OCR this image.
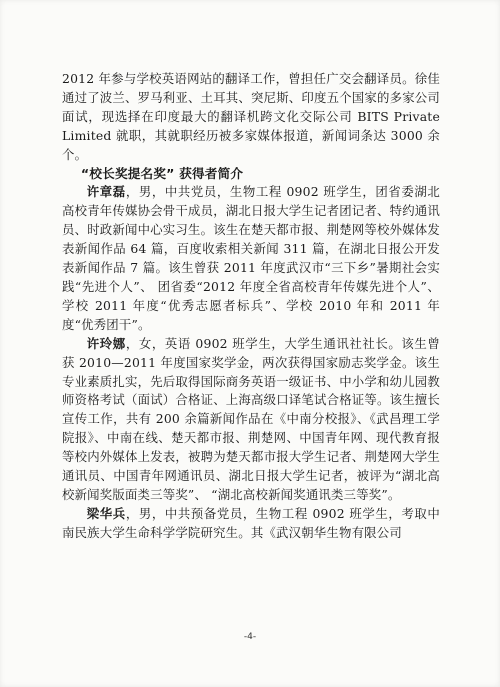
2012 年参与学校英语网站的翻译工作，曾担任广交会翻译员。徐佳通过了波兰、罗马利亚、土耳其、突尼斯、印度五个国家的多家公司面试，现选择在印度最大的翻译机跨文化交际公司 BITS Private Limited 就职，其就职经历被多家媒体报道，新闻词条达 3000 余个。

“校长奖提名奖” 获得者简介

许章磊，男，中共党员，生物工程 0902 班学生，团省委湖北高校青年传媒协会骨干成员，湖北日报大学生记者团记者、特约通讯员、时政新闻中心实习生。该生在楚天都市报、荆楚网等校外媒体发表新闻作品 64 篇，百度收索相关新闻 311 篇，在湖北日报公开发表新闻作品 7 篇。该生曾获 2011 年度武汉市“三下乡”暑期社会实践“先进个人”、 团省委“2012 年度全省高校青年传媒先进个人”、学校 2011 年度“优秀志愿者标兵”、学校 2010 年和 2011 年度“优秀团干”。

许玲娜，女，英语 0902 班学生，大学生通讯社社长。该生曾获 2010—2011 年度国家奖学金，两次获得国家励志奖学金。该生专业素质扎实，先后取得国际商务英语一级证书、中小学和幼儿园教师资格考试（面试）合格证、上海高级口译笔试合格证等。该生擅长宣传工作，共有 200 余篇新闻作品在《中南分校报》、《武昌理工学院报》、中南在线、楚天都市报、荆楚网、中国青年网、现代教育报等校内外媒体上发表，被聘为楚天都市报大学生记者、荆楚网大学生通讯员、中国青年网通讯员、湖北日报大学生记者，被评为“湖北高校新闻奖版面类三等奖”、 “湖北高校新闻奖通讯类三等奖”。

梁华兵，男，中共预备党员，生物工程 0902 班学生，考取中南民族大学生命科学学院研究生。其《武汉朝华生物有限公司

-4-
